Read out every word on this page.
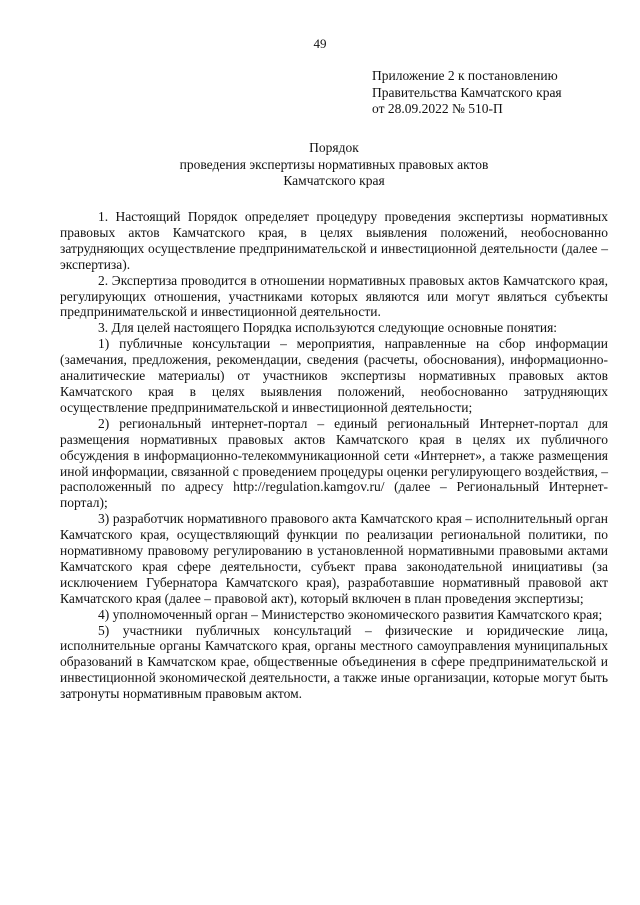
49
Приложение 2 к постановлению
Правительства Камчатского края
от 28.09.2022 № 510-П
Порядок
проведения экспертизы нормативных правовых актов
Камчатского края

1. Настоящий Порядок определяет процедуру проведения экспертизы нормативных правовых актов Камчатского края, в целях выявления положений, необоснованно затрудняющих осуществление предпринимательской и инвестиционной деятельности (далее – экспертиза).

2. Экспертиза проводится в отношении нормативных правовых актов Камчатского края, регулирующих отношения, участниками которых являются или могут являться субъекты предпринимательской и инвестиционной деятельности.

3. Для целей настоящего Порядка используются следующие основные понятия:

1) публичные консультации – мероприятия, направленные на сбор информации (замечания, предложения, рекомендации, сведения (расчеты, обоснования), информационно-аналитические материалы) от участников экспертизы нормативных правовых актов Камчатского края в целях выявления положений, необоснованно затрудняющих осуществление предпринимательской и инвестиционной деятельности;

2) региональный интернет-портал – единый региональный Интернет-портал для размещения нормативных правовых актов Камчатского края в целях их публичного обсуждения в информационно-телекоммуникационной сети «Интернет», а также размещения иной информации, связанной с проведением процедуры оценки регулирующего воздействия, – расположенный по адресу http://regulation.kamgov.ru/ (далее – Региональный Интернет-портал);

3) разработчик нормативного правового акта Камчатского края – исполнительный орган Камчатского края, осуществляющий функции по реализации региональной политики, по нормативному правовому регулированию в установленной нормативными правовыми актами Камчатского края сфере деятельности, субъект права законодательной инициативы (за исключением Губернатора Камчатского края), разработавшие нормативный правовой акт Камчатского края (далее – правовой акт), который включен в план проведения экспертизы;

4) уполномоченный орган – Министерство экономического развития Камчатского края;

5) участники публичных консультаций – физические и юридические лица, исполнительные органы Камчатского края, органы местного самоуправления муниципальных образований в Камчатском крае, общественные объединения в сфере предпринимательской и инвестиционной экономической деятельности, а также иные организации, которые могут быть затронуты нормативным правовым актом.
